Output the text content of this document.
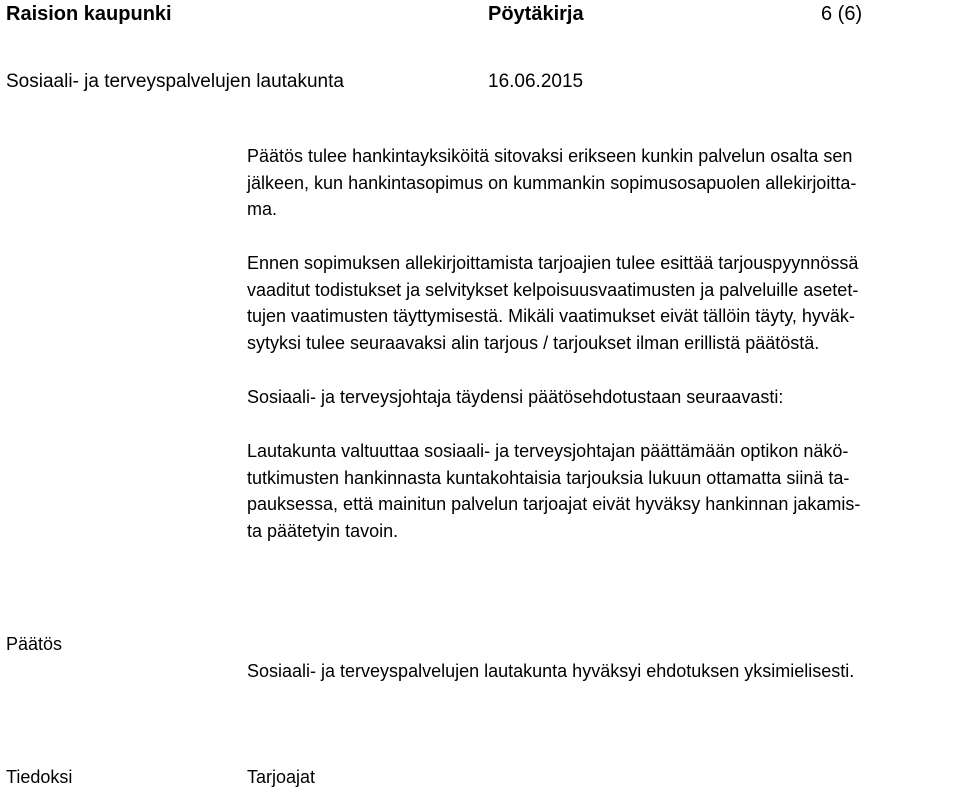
Raision kaupunki	Pöytäkirja	6 (6)
Sosiaali- ja terveyspalvelujen lautakunta	16.06.2015
Päätös tulee hankintayksiköitä sitovaksi erikseen kunkin palvelun osalta sen
jälkeen, kun hankintasopimus on kummankin sopimusosapuolen allekirjoitta-
ma.
Ennen sopimuksen allekirjoittamista tarjoajien tulee esittää tarjouspyynnössä
vaaditut todistukset ja selvitykset kelpoisuusvaatimusten ja palveluille asetet-
tujen vaatimusten täyttymisestä. Mikäli vaatimukset eivät tällöin täyty, hyväk-
sytyksi tulee seuraavaksi alin tarjous / tarjoukset ilman erillistä päätöstä.
Sosiaali- ja terveysjohtaja täydensi päätösehdotustaan seuraavasti:
Lautakunta valtuuttaa sosiaali- ja terveysjohtajan päättämään optikon näkö-
tutkimusten hankinnasta kuntakohtaisia tarjouksia lukuun ottamatta siinä ta-
pauksessa, että mainitun palvelun tarjoajat eivät hyväksy hankinnan jakamis-
ta päätetyin tavoin.
Päätös
Sosiaali- ja terveyspalvelujen lautakunta hyväksyi ehdotuksen yksimielisesti.
Tiedoksi	Tarjoajat
